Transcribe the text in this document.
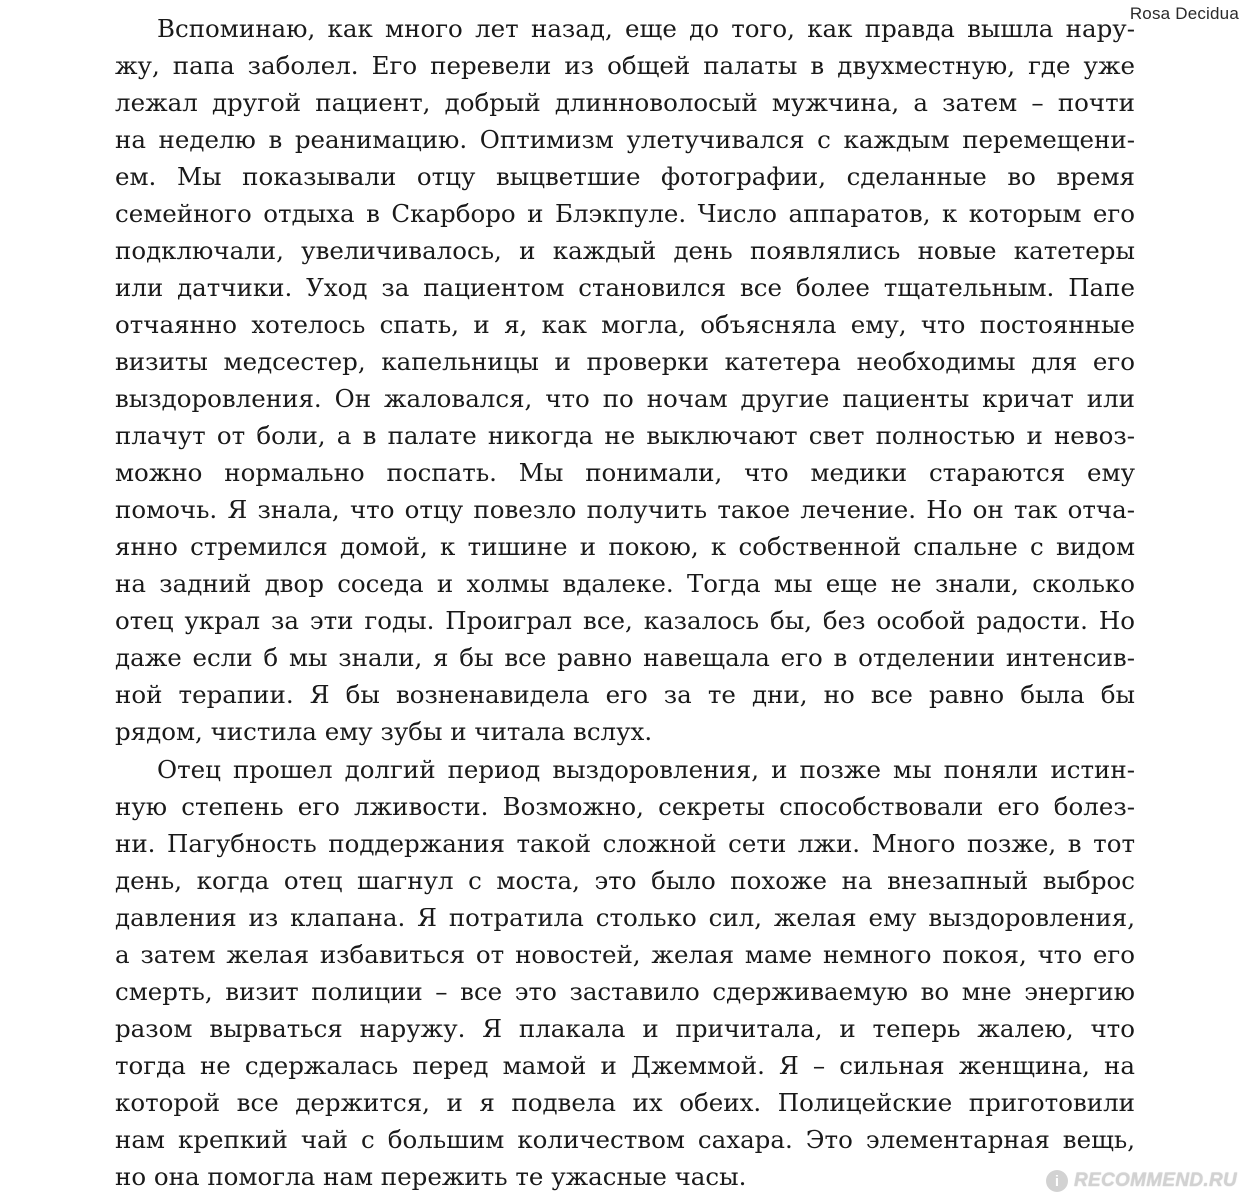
Rosa Decidua
Вспоминаю, как много лет назад, еще до того, как правда вышла нару-
жу, папа заболел. Его перевели из общей палаты в двухместную, где уже
лежал другой пациент, добрый длинноволосый мужчина, а затем – почти
на неделю в реанимацию. Оптимизм улетучивался с каждым перемещени-
ем. Мы показывали отцу выцветшие фотографии, сделанные во время
семейного отдыха в Скарборо и Блэкпуле. Число аппаратов, к которым его
подключали, увеличивалось, и каждый день появлялись новые катетеры
или датчики. Уход за пациентом становился все более тщательным. Папе
отчаянно хотелось спать, и я, как могла, объясняла ему, что постоянные
визиты медсестер, капельницы и проверки катетера необходимы для его
выздоровления. Он жаловался, что по ночам другие пациенты кричат или
плачут от боли, а в палате никогда не выключают свет полностью и невоз-
можно нормально поспать. Мы понимали, что медики стараются ему
помочь. Я знала, что отцу повезло получить такое лечение. Но он так отча-
янно стремился домой, к тишине и покою, к собственной спальне с видом
на задний двор соседа и холмы вдалеке. Тогда мы еще не знали, сколько
отец украл за эти годы. Проиграл все, казалось бы, без особой радости. Но
даже если б мы знали, я бы все равно навещала его в отделении интенсив-
ной терапии. Я бы возненавидела его за те дни, но все равно была бы
рядом, чистила ему зубы и читала вслух.
Отец прошел долгий период выздоровления, и позже мы поняли истин-
ную степень его лживости. Возможно, секреты способствовали его болез-
ни. Пагубность поддержания такой сложной сети лжи. Много позже, в тот
день, когда отец шагнул с моста, это было похоже на внезапный выброс
давления из клапана. Я потратила столько сил, желая ему выздоровления,
а затем желая избавиться от новостей, желая маме немного покоя, что его
смерть, визит полиции – все это заставило сдерживаемую во мне энергию
разом вырваться наружу. Я плакала и причитала, и теперь жалею, что
тогда не сдержалась перед мамой и Джеммой. Я – сильная женщина, на
которой все держится, и я подвела их обеих. Полицейские приготовили
нам крепкий чай с большим количеством сахара. Это элементарная вещь,
но она помогла нам пережить те ужасные часы.	i RECOMMEND.RU
